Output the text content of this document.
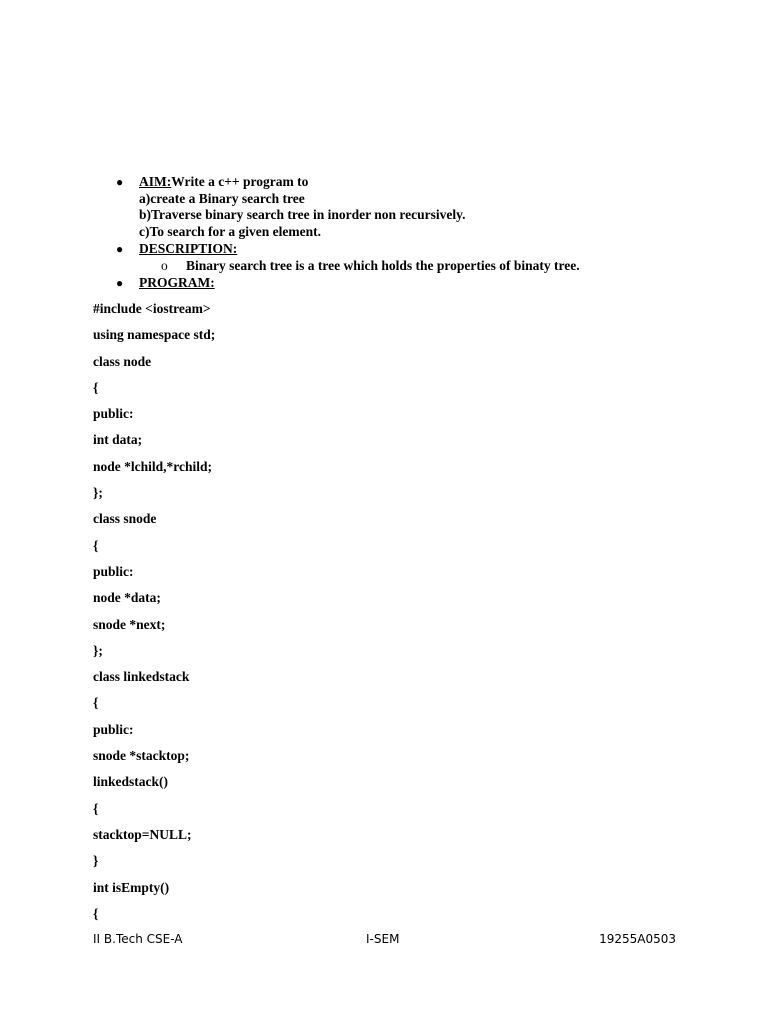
● AIM:Write a c++ program to
a)create a Binary search tree
b)Traverse binary search tree in inorder non recursively.
c)To search for a given element.
● DESCRIPTION:
o Binary search tree is a tree which holds the properties of binaty tree.
● PROGRAM:
#include <iostream>
using namespace std;
class node
{
public:
int data;
node *lchild,*rchild;
};
class snode
{
public:
node *data;
snode *next;
};
class linkedstack
{
public:
snode *stacktop;
linkedstack()
{
stacktop=NULL;
}
int isEmpty()
{
II B.Tech CSE-A	I-SEM	19255A0503
